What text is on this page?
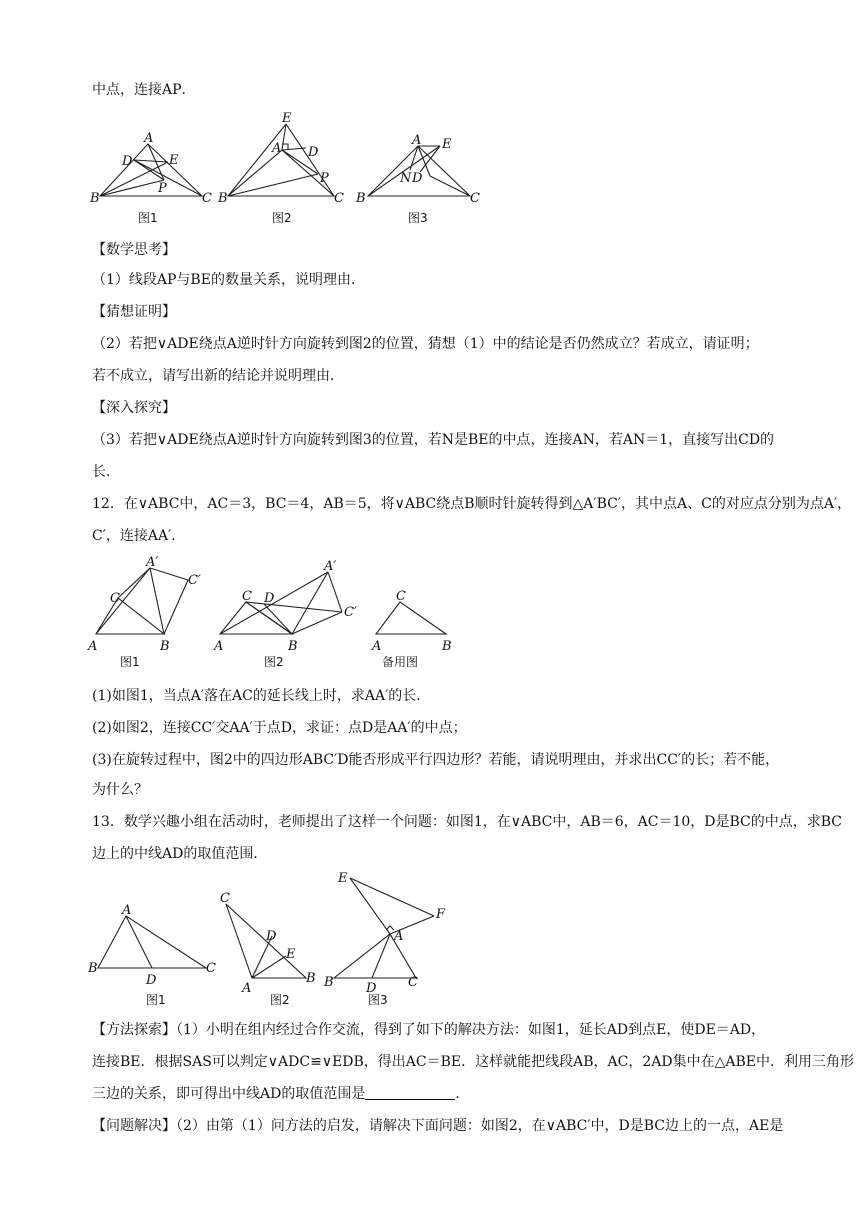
中点，连接AP．
A
D	E
P
B	C
图1
E
A D
P
B	C
图2
A E
N D
B	C
图3
【数学思考】
（1）线段AP与BE的数量关系，说明理由．
【猜想证明】
（2）若把∨ADE绕点A逆时针方向旋转到图2的位置，猜想（1）中的结论是否仍然成立？若成立，请证明；
若不成立，请写出新的结论并说明理由．
【深入探究】
（3）若把∨ADE绕点A逆时针方向旋转到图3的位置，若N是BE的中点，连接AN，若AN＝1，直接写出CD的
长．
12．在∨ABC中，AC＝3，BC＝4，AB＝5，将∨ABC绕点B顺时针旋转得到△A′BC′，其中点A、C的对应点分别为点A′，
C′，连接AA′．
A′
C′
C
A	B
图1
A′
C D
C′
A	B
图2
C
A	B
备用图
(1)如图1，当点A′落在AC的延长线上时，求AA′的长．
(2)如图2，连接CC′交AA′于点D，求证：点D是AA′的中点；
(3)在旋转过程中，图2中的四边形ABC′D能否形成平行四边形？若能，请说明理由，并求出CC′的长；若不能，
为什么？
13．数学兴趣小组在活动时，老师提出了这样一个问题：如图1，在∨ABC中，AB＝6，AC＝10，D是BC的中点，求BC
边上的中线AD的取值范围．
A
B
D
C
图1
C
D
E
A
B
图2
E
F
A
B D C
图3
【方法探索】（1）小明在组内经过合作交流，得到了如下的解决方法：如图1，延长AD到点E，使DE＝AD，
连接BE．根据SAS可以判定∨ADC≌∨EDB，得出AC＝BE．这样就能把线段AB，AC，2AD集中在△ABE中．利用三角形
三边的关系，即可得出中线AD的取值范围是	．
【问题解决】（2）由第（1）问方法的启发，请解决下面问题：如图2，在∨ABC′中，D是BC边上的一点，AE是
